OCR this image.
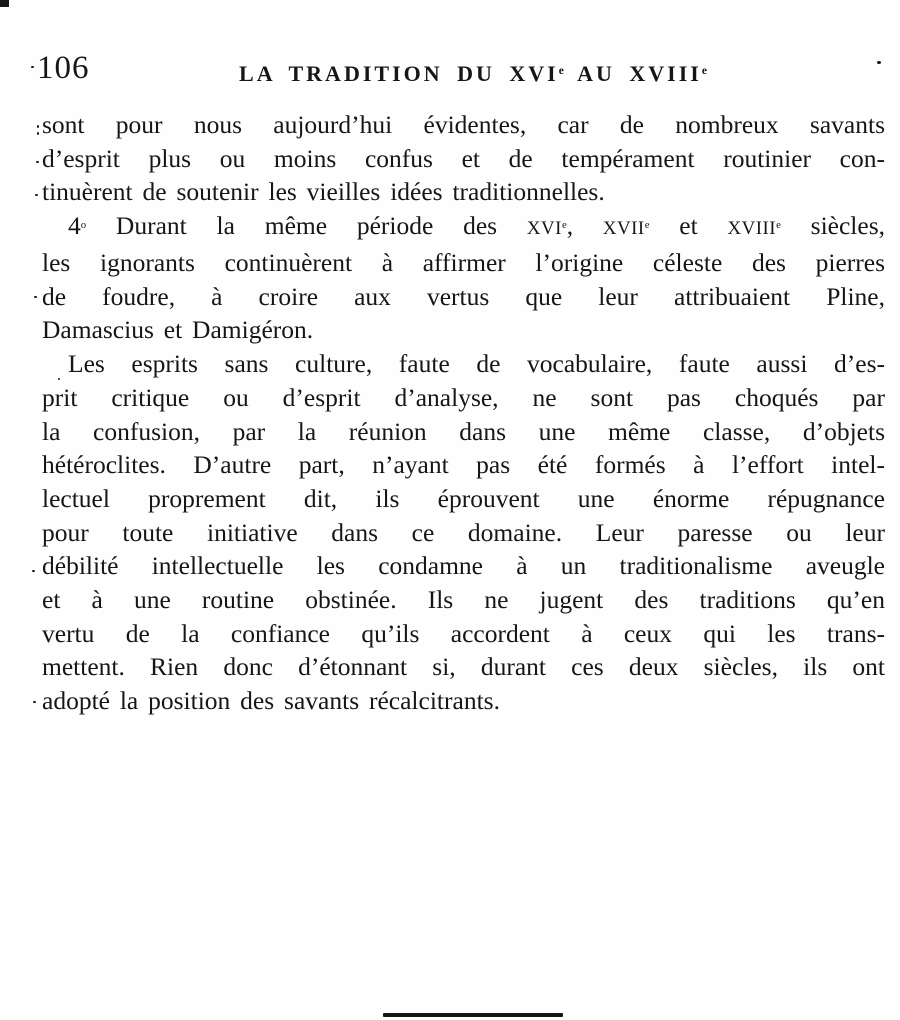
106	LA TRADITION DU XVIe AU XVIIIe
sont pour nous aujourd’hui évidentes, car de nombreux savants
d’esprit plus ou moins confus et de tempérament routinier con-
tinuèrent de soutenir les vieilles idées traditionnelles.
4$^o$ Durant la même période des XVIe, XVIIe et XVIIIe siècles,
les ignorants continuèrent à affirmer l’origine céleste des pierres
de foudre, à croire aux vertus que leur attribuaient Pline,
Damascius et Damigéron.
Les esprits sans culture, faute de vocabulaire, faute aussi d’es-
prit critique ou d’esprit d’analyse, ne sont pas choqués par
la confusion, par la réunion dans une même classe, d’objets
hétéroclites. D’autre part, n’ayant pas été formés à l’effort intel-
lectuel proprement dit, ils éprouvent une énorme répugnance
pour toute initiative dans ce domaine. Leur paresse ou leur
débilité intellectuelle les condamne à un traditionalisme aveugle
et à une routine obstinée. Ils ne jugent des traditions qu’en
vertu de la confiance qu’ils accordent à ceux qui les trans-
mettent. Rien donc d’étonnant si, durant ces deux siècles, ils ont
adopté la position des savants récalcitrants.
